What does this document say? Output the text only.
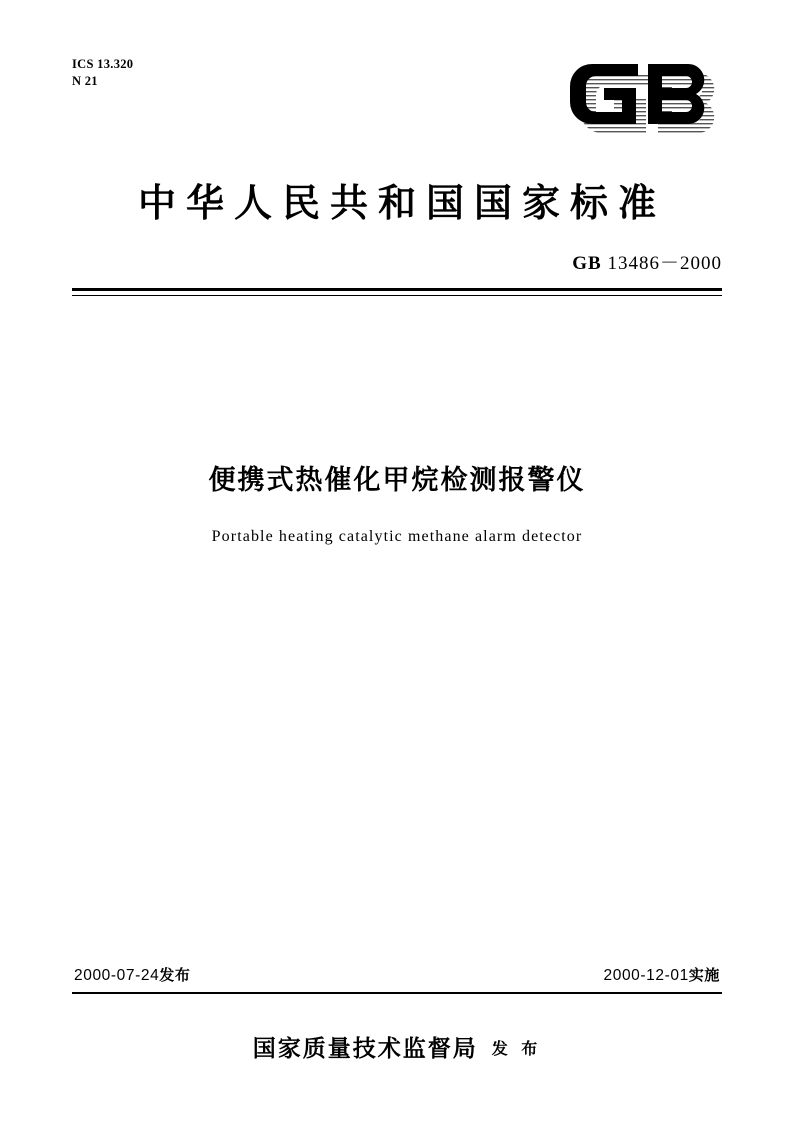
ICS 13.320
N 21
中华人民共和国国家标准
GB 13486－2000
便携式热催化甲烷检测报警仪
Portable heating catalytic methane alarm detector
2000-07-24发布	2000-12-01实施
国家质量技术监督局 发 布
